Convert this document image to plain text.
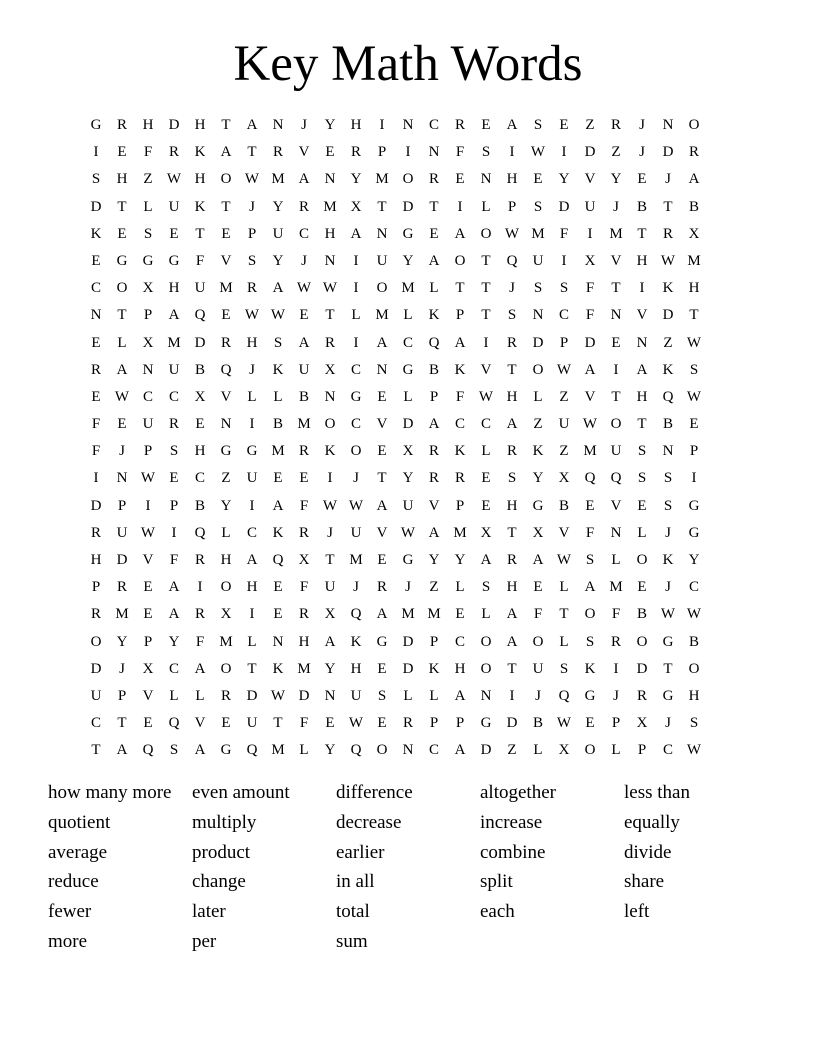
Key Math Words
G	R	H	D	H	T	A	N	J	Y	H	I	N	C	R	E	A	S	E	Z	R	J	N	O
I	E	F	R	K	A	T	R	V	E	R	P	I	N	F	S	I	W	I	D	Z	J	D	R
S	H	Z W H	O W M A	N	Y M O	R	E	N	H	E	Y	V	Y	E	J	A
D	T	L	U	K	T	J	Y	R M X	T	D	T	I	L	P	S	D	U	J	B	T	B
K	E	S	E	T	E	P	U	C	H	A	N	G	E	A	O W M	F	I	M T	R	X
E	G	G	G	F	V	S	Y	J	N	I	U	Y	A	O	T	Q	U	I	X	V	H W M
C	O	X	H	U M R	A W W	I	O M L	T	T	J	S	S	F	T	I	K	H
N	T	P	A	Q	E W W E	T	L M L	K	P	T	S	N	C	F	N	V	D	T
E	L	X M D	R	H	S	A	R	I	A	C	Q	A	I	R	D	P	D	E	N	Z W
R	A	N	U	B	Q	J	K	U	X	C	N	G	B	K	V	T	O W A	I	A	K	S
E W C	C	X	V	L	L	B	N	G	E	L	P	F W H	L	Z	V	T	H	Q W
F	E	U	R	E	N	I	B M O	C	V	D	A	C	C	A	Z	U W O	T	B	E
F	J	P	S	H	G	G M R	K	O	E	X	R	K	L	R	K	Z M U	S	N	P
I	N W E	C	Z	U	E	E	I	J	T	Y	R	R	E	S	Y	X	Q	Q	S	S	I
D	P	I	P	B	Y	I	A	F W W A	U	V	P	E	H	G	B	E	V	E	S	G
R	U W	I	Q	L	C	K	R	J	U	V W A M X	T	X	V	F	N	L	J	G
H	D	V	F	R	H	A	Q	X	T M E	G	Y	Y	A	R	A W S	L	O	K	Y
P	R	E	A	I	O	H	E	F	U	J	R	J	Z	L	S	H	E	L	A M E	J	C
R M E	A	R	X	I	E	R	X	Q	A M M E	L	A	F	T	O	F	B W W
O	Y	P	Y	F	M L	N	H	A	K	G	D	P	C	O	A	O	L	S	R	O	G	B
D	J	X	C	A	O	T	K M Y	H	E	D	K	H	O	T	U	S	K	I	D	T	O
U	P	V	L	L	R	D W D	N	U	S	L	L	A	N	I	J	Q	G	J	R	G	H
C	T	E	Q	V	E	U	T	F	E W E	R	P	P	G	D	B W E	P	X	J	S
T	A	Q	S	A	G	Q M L	Y	Q	O	N	C	A	D	Z	L	X	O	L	P	C W
how many more	even amount	difference	altogether	less than
quotient	multiply	decrease	increase	equally
average	product	earlier	combine	divide
reduce	change	in all	split	share
fewer	later	total	each	left
more	per	sum
